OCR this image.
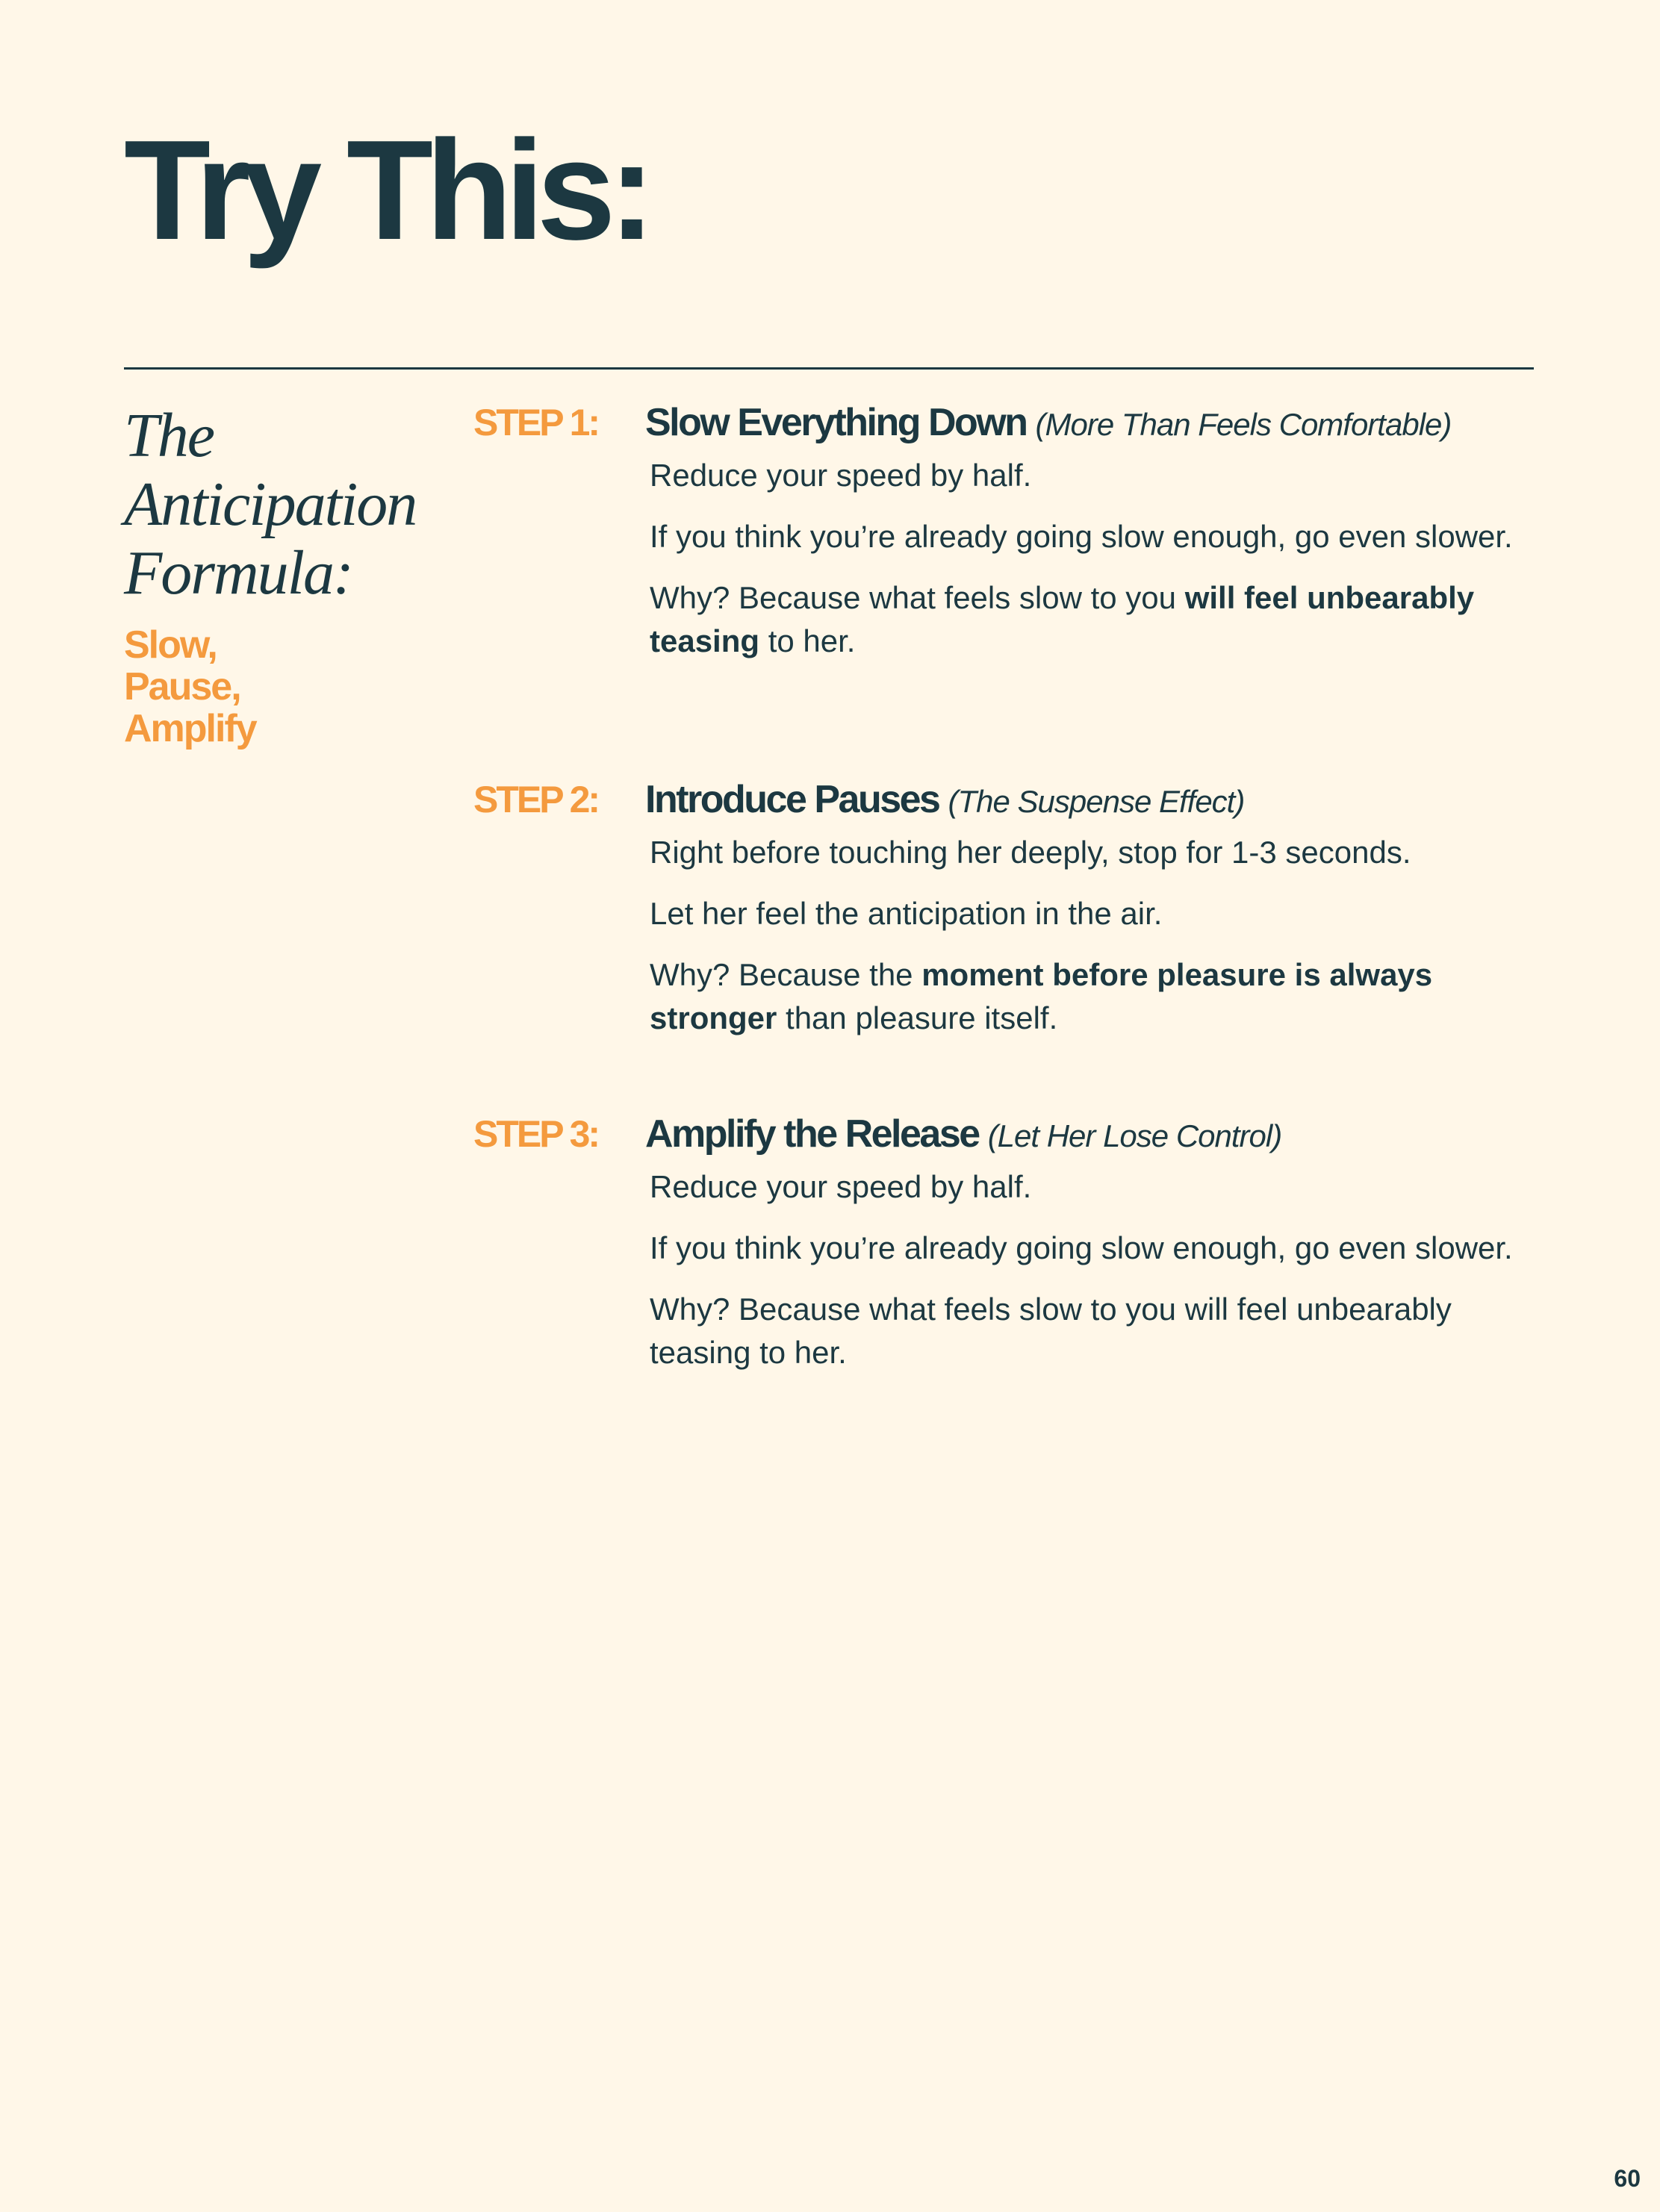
Try This:
The
Anticipation
Formula:
Slow,
Pause,
Amplify
STEP 1:	Slow Everything Down (More Than Feels Comfortable)

Reduce your speed by half.

If you think you’re already going slow enough, go even slower.

Why? Because what feels slow to you will feel unbearably teasing to her.

STEP 2:	Introduce Pauses (The Suspense Effect)

Right before touching her deeply, stop for 1-3 seconds.

Let her feel the anticipation in the air.

Why? Because the moment before pleasure is always stronger than pleasure itself.

STEP 3:	Amplify the Release (Let Her Lose Control)

Reduce your speed by half.

If you think you’re already going slow enough, go even slower.

Why? Because what feels slow to you will feel unbearably teasing to her.

60
